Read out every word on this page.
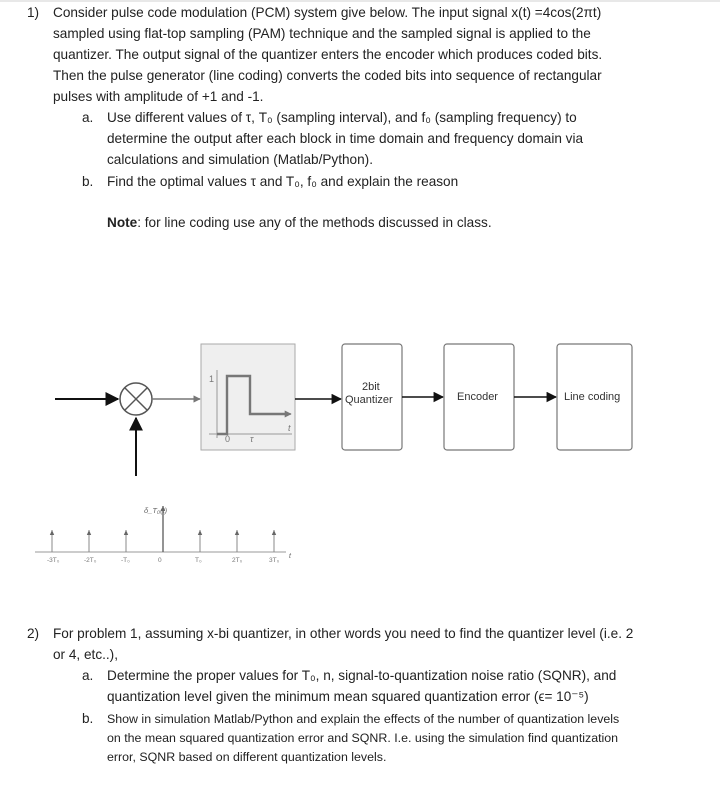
1) Consider pulse code modulation (PCM) system give below. The input signal x(t) =4cos(2πt)
sampled using flat-top sampling (PAM) technique and the sampled signal is applied to the
quantizer. The output signal of the quantizer enters the encoder which produces coded bits.
Then the pulse generator (line coding) converts the coded bits into sequence of rectangular
pulses with amplitude of +1 and -1.
a. Use different values of τ, T₀ (sampling interval), and f₀ (sampling frequency) to
determine the output after each block in time domain and frequency domain via
calculations and simulation (Matlab/Python).
b. Find the optimal values τ and T₀, f₀ and explain the reason
Note: for line coding use any of the methods discussed in class.
1
0 τ
t
2bit
Quantizer	Encoder	Line coding
-3T₀	-2T₀	-T₀	0	T₀	2T₀	3T₀
δ_T₀(t)
t
2) For problem 1, assuming x-bi quantizer, in other words you need to find the quantizer level (i.e. 2
or 4, etc..),
a. Determine the proper values for T₀, n, signal-to-quantization noise ratio (SQNR), and
quantization level given the minimum mean squared quantization error (ϵ= 10⁻⁵)
b. Show in simulation Matlab/Python and explain the effects of the number of quantization levels
on the mean squared quantization error and SQNR. I.e. using the simulation find quantization
error, SQNR based on different quantization levels.
